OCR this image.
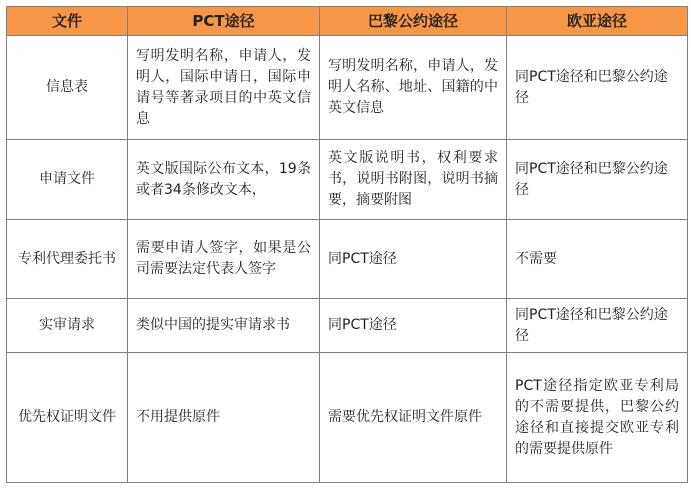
文件	PCT途径	巴黎公约途径	欧亚途径
信息表	写明发明名称，申请人，发明人，国际申请日，国际申请号等著录项目的中英文信息	写明发明名称，申请人，发明人名称、地址、国籍的中英文信息	同PCT途径和巴黎公约途径
申请文件	英文版国际公布文本，19条或者34条修改文本，	英文版说明书，权利要求书，说明书附图，说明书摘要，摘要附图	同PCT途径和巴黎公约途径
专利代理委托书	需要申请人签字，如果是公司需要法定代表人签字	同PCT途径	不需要
实审请求	类似中国的提实审请求书	同PCT途径	同PCT途径和巴黎公约途径
优先权证明文件	不用提供原件	需要优先权证明文件原件	PCT途径指定欧亚专利局的不需要提供，巴黎公约途径和直接提交欧亚专利的需要提供原件
